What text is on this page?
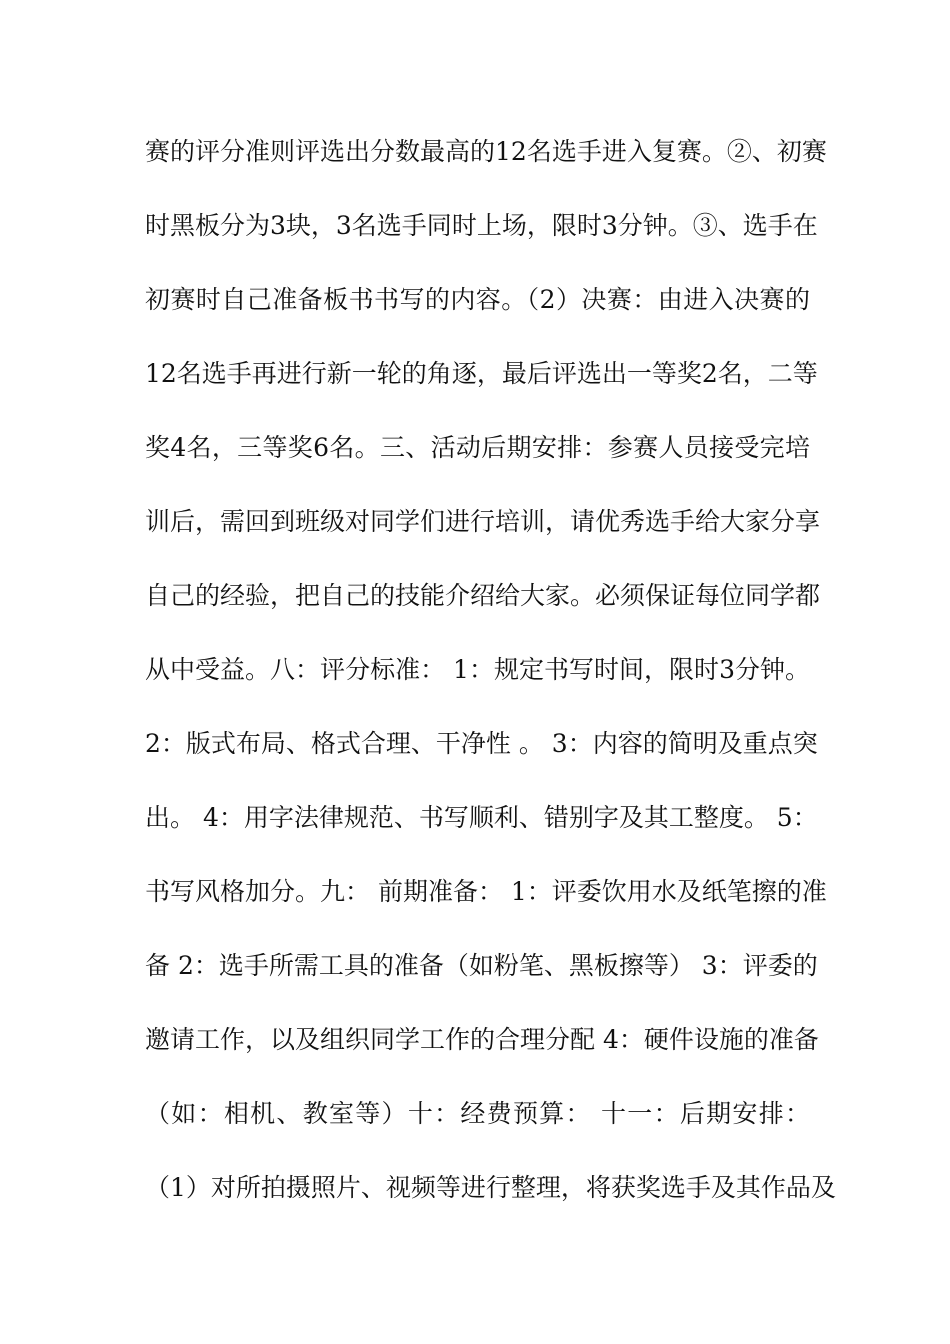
赛的评分准则评选出分数最高的12名选手进入复赛。②、初赛
时黑板分为3块，3名选手同时上场，限时3分钟。③、选手在
初赛时自己准备板书书写的内容。（2）决赛：由进入决赛的
12名选手再进行新一轮的角逐，最后评选出一等奖2名，二等
奖4名，三等奖6名。三、活动后期安排：参赛人员接受完培
训后，需回到班级对同学们进行培训，请优秀选手给大家分享
自己的经验，把自己的技能介绍给大家。必须保证每位同学都
从中受益。八：评分标准： 1：规定书写时间，限时3分钟。
2：版式布局、格式合理、干净性 。 3：内容的简明及重点突
出。 4：用字法律规范、书写顺利、错别字及其工整度。 5：
书写风格加分。九： 前期准备： 1：评委饮用水及纸笔擦的准
备 2：选手所需工具的准备（如粉笔、黑板擦等） 3：评委的
邀请工作，以及组织同学工作的合理分配 4：硬件设施的准备
（如：相机、教室等）十：经费预算： 十一：后期安排：
（1）对所拍摄照片、视频等进行整理，将获奖选手及其作品及
